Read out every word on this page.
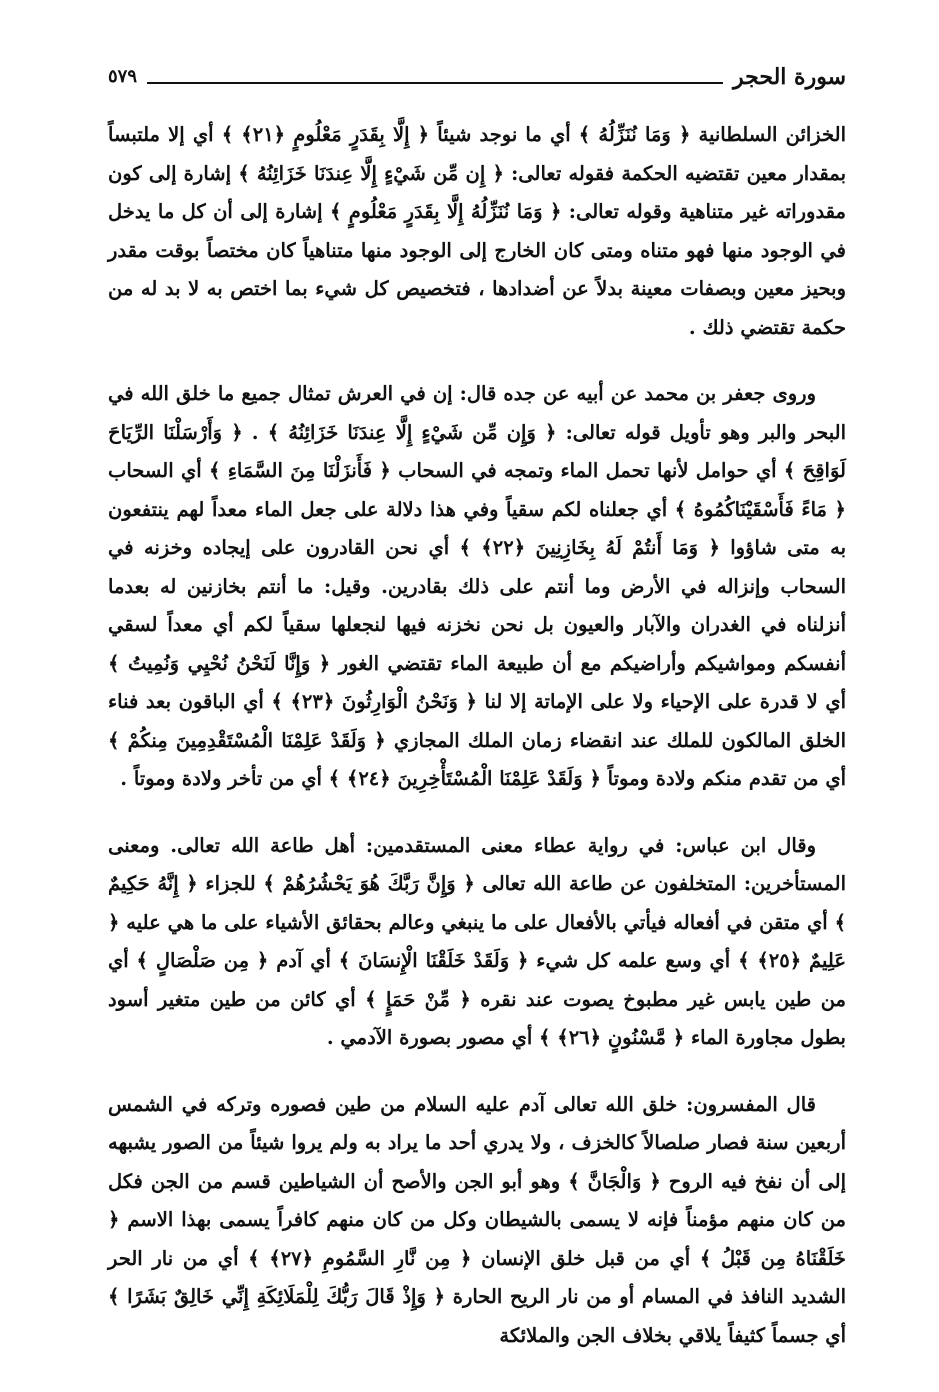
سورة الحجر
٥٧٩

الخزائن السلطانية ﴿ وَمَا نُنَزِّلُهُ ﴾ أي ما نوجد شيئاً ﴿ إِلَّا بِقَدَرٍ مَعْلُومٍ ﴿٢١﴾ ﴾ أي إلا ملتبساً بمقدار معين تقتضيه الحكمة فقوله تعالى: ﴿ إِن مِّن شَيْءٍ إِلَّا عِندَنَا خَزَائِنُهُ ﴾ إشارة إلى كون مقدوراته غير متناهية وقوله تعالى: ﴿ وَمَا نُنَزِّلُهُ إِلَّا بِقَدَرٍ مَعْلُومٍ ﴾ إشارة إلى أن كل ما يدخل في الوجود منها فهو متناه ومتى كان الخارج إلى الوجود منها متناهياً كان مختصاً بوقت مقدر وبحيز معين وبصفات معينة بدلاً عن أضدادها ، فتخصيص كل شيء بما اختص به لا بد له من حكمة تقتضي ذلك .

وروى جعفر بن محمد عن أبيه عن جده قال: إن في العرش تمثال جميع ما خلق الله في البحر والبر وهو تأويل قوله تعالى: ﴿ وَإِن مِّن شَيْءٍ إِلَّا عِندَنَا خَزَائِنُهُ ﴾ . ﴿ وَأَرْسَلْنَا الرِّيَاحَ لَوَاقِحَ ﴾ أي حوامل لأنها تحمل الماء وتمجه في السحاب ﴿ فَأَنزَلْنَا مِنَ السَّمَاءِ ﴾ أي السحاب ﴿ مَاءً فَأَسْقَيْنَاكُمُوهُ ﴾ أي جعلناه لكم سقياً وفي هذا دلالة على جعل الماء معداً لهم ينتفعون به متى شاؤوا ﴿ وَمَا أَنتُمْ لَهُ بِخَازِنِينَ ﴿٢٢﴾ ﴾ أي نحن القادرون على إيجاده وخزنه في السحاب وإنزاله في الأرض وما أنتم على ذلك بقادرين. وقيل: ما أنتم بخازنين له بعدما أنزلناه في الغدران والآبار والعيون بل نحن نخزنه فيها لنجعلها سقياً لكم أي معداً لسقي أنفسكم ومواشيكم وأراضيكم مع أن طبيعة الماء تقتضي الغور ﴿ وَإِنَّا لَنَحْنُ نُحْيِي وَنُمِيتُ ﴾ أي لا قدرة على الإحياء ولا على الإماتة إلا لنا ﴿ وَنَحْنُ الْوَارِثُونَ ﴿٢٣﴾ ﴾ أي الباقون بعد فناء الخلق المالكون للملك عند انقضاء زمان الملك المجازي ﴿ وَلَقَدْ عَلِمْنَا الْمُسْتَقْدِمِينَ مِنكُمْ ﴾ أي من تقدم منكم ولادة وموتاً ﴿ وَلَقَدْ عَلِمْنَا الْمُسْتَأْخِرِينَ ﴿٢٤﴾ ﴾ أي من تأخر ولادة وموتاً .

وقال ابن عباس: في رواية عطاء معنى المستقدمين: أهل طاعة الله تعالى. ومعنى المستأخرين: المتخلفون عن طاعة الله تعالى ﴿ وَإِنَّ رَبَّكَ هُوَ يَحْشُرُهُمْ ﴾ للجزاء ﴿ إِنَّهُ حَكِيمٌ ﴾ أي متقن في أفعاله فيأتي بالأفعال على ما ينبغي وعالم بحقائق الأشياء على ما هي عليه ﴿ عَلِيمٌ ﴿٢٥﴾ ﴾ أي وسع علمه كل شيء ﴿ وَلَقَدْ خَلَقْنَا الْإِنسَانَ ﴾ أي آدم ﴿ مِن صَلْصَالٍ ﴾ أي من طين يابس غير مطبوخ يصوت عند نقره ﴿ مِّنْ حَمَإٍ ﴾ أي كائن من طين متغير أسود بطول مجاورة الماء ﴿ مَّسْنُونٍ ﴿٢٦﴾ ﴾ أي مصور بصورة الآدمي .

قال المفسرون: خلق الله تعالى آدم عليه السلام من طين فصوره وتركه في الشمس أربعين سنة فصار صلصالاً كالخزف ، ولا يدري أحد ما يراد به ولم يروا شيئاً من الصور يشبهه إلى أن نفخ فيه الروح ﴿ وَالْجَانَّ ﴾ وهو أبو الجن والأصح أن الشياطين قسم من الجن فكل من كان منهم مؤمناً فإنه لا يسمى بالشيطان وكل من كان منهم كافراً يسمى بهذا الاسم ﴿ خَلَقْنَاهُ مِن قَبْلُ ﴾ أي من قبل خلق الإنسان ﴿ مِن نَّارِ السَّمُومِ ﴿٢٧﴾ ﴾ أي من نار الحر الشديد النافذ في المسام أو من نار الريح الحارة ﴿ وَإِذْ قَالَ رَبُّكَ لِلْمَلَائِكَةِ إِنِّي خَالِقٌ بَشَرًا ﴾ أي جسماً كثيفاً يلاقي بخلاف الجن والملائكة
